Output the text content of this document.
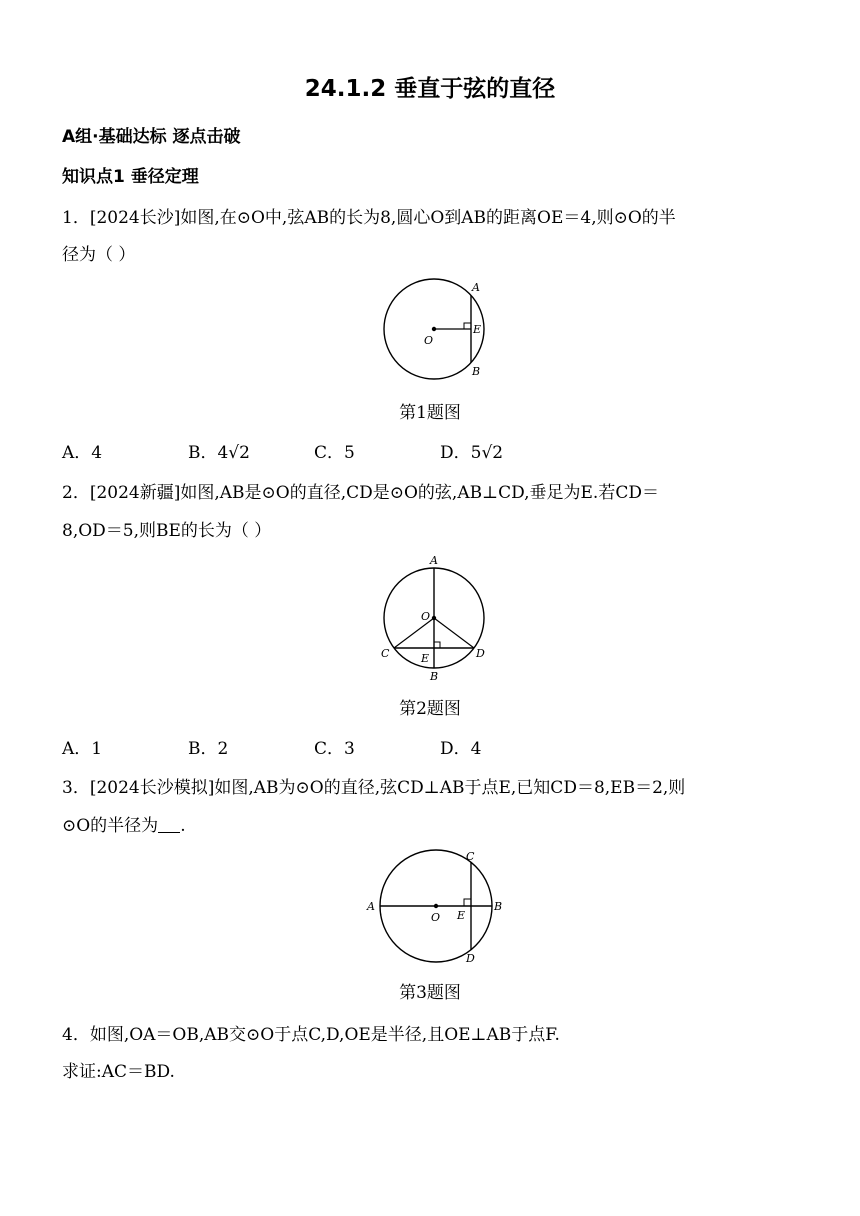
24.1.2 垂直于弦的直径
A组·基础达标 逐点击破
知识点1 垂径定理
1．[2024长沙]如图,在⊙O中,弦AB的长为8,圆心O到AB的距离OE＝4,则⊙O的半
径为（ ）
A
B
O
E
第1题图
A．4	B．4√2	C．5	D．5√2
2．[2024新疆]如图,AB是⊙O的直径,CD是⊙O的弦,AB⊥CD,垂足为E.若CD＝
8,OD＝5,则BE的长为（ ）
A
B
C	D
O
E
第2题图
A．1	B．2	C．3	D．4
3．[2024长沙模拟]如图,AB为⊙O的直径,弦CD⊥AB于点E,已知CD＝8,EB＝2,则
⊙O的半径为 .
A	B
C
D
O E
第3题图
4．如图,OA＝OB,AB交⊙O于点C,D,OE是半径,且OE⊥AB于点F.
求证:AC＝BD.
